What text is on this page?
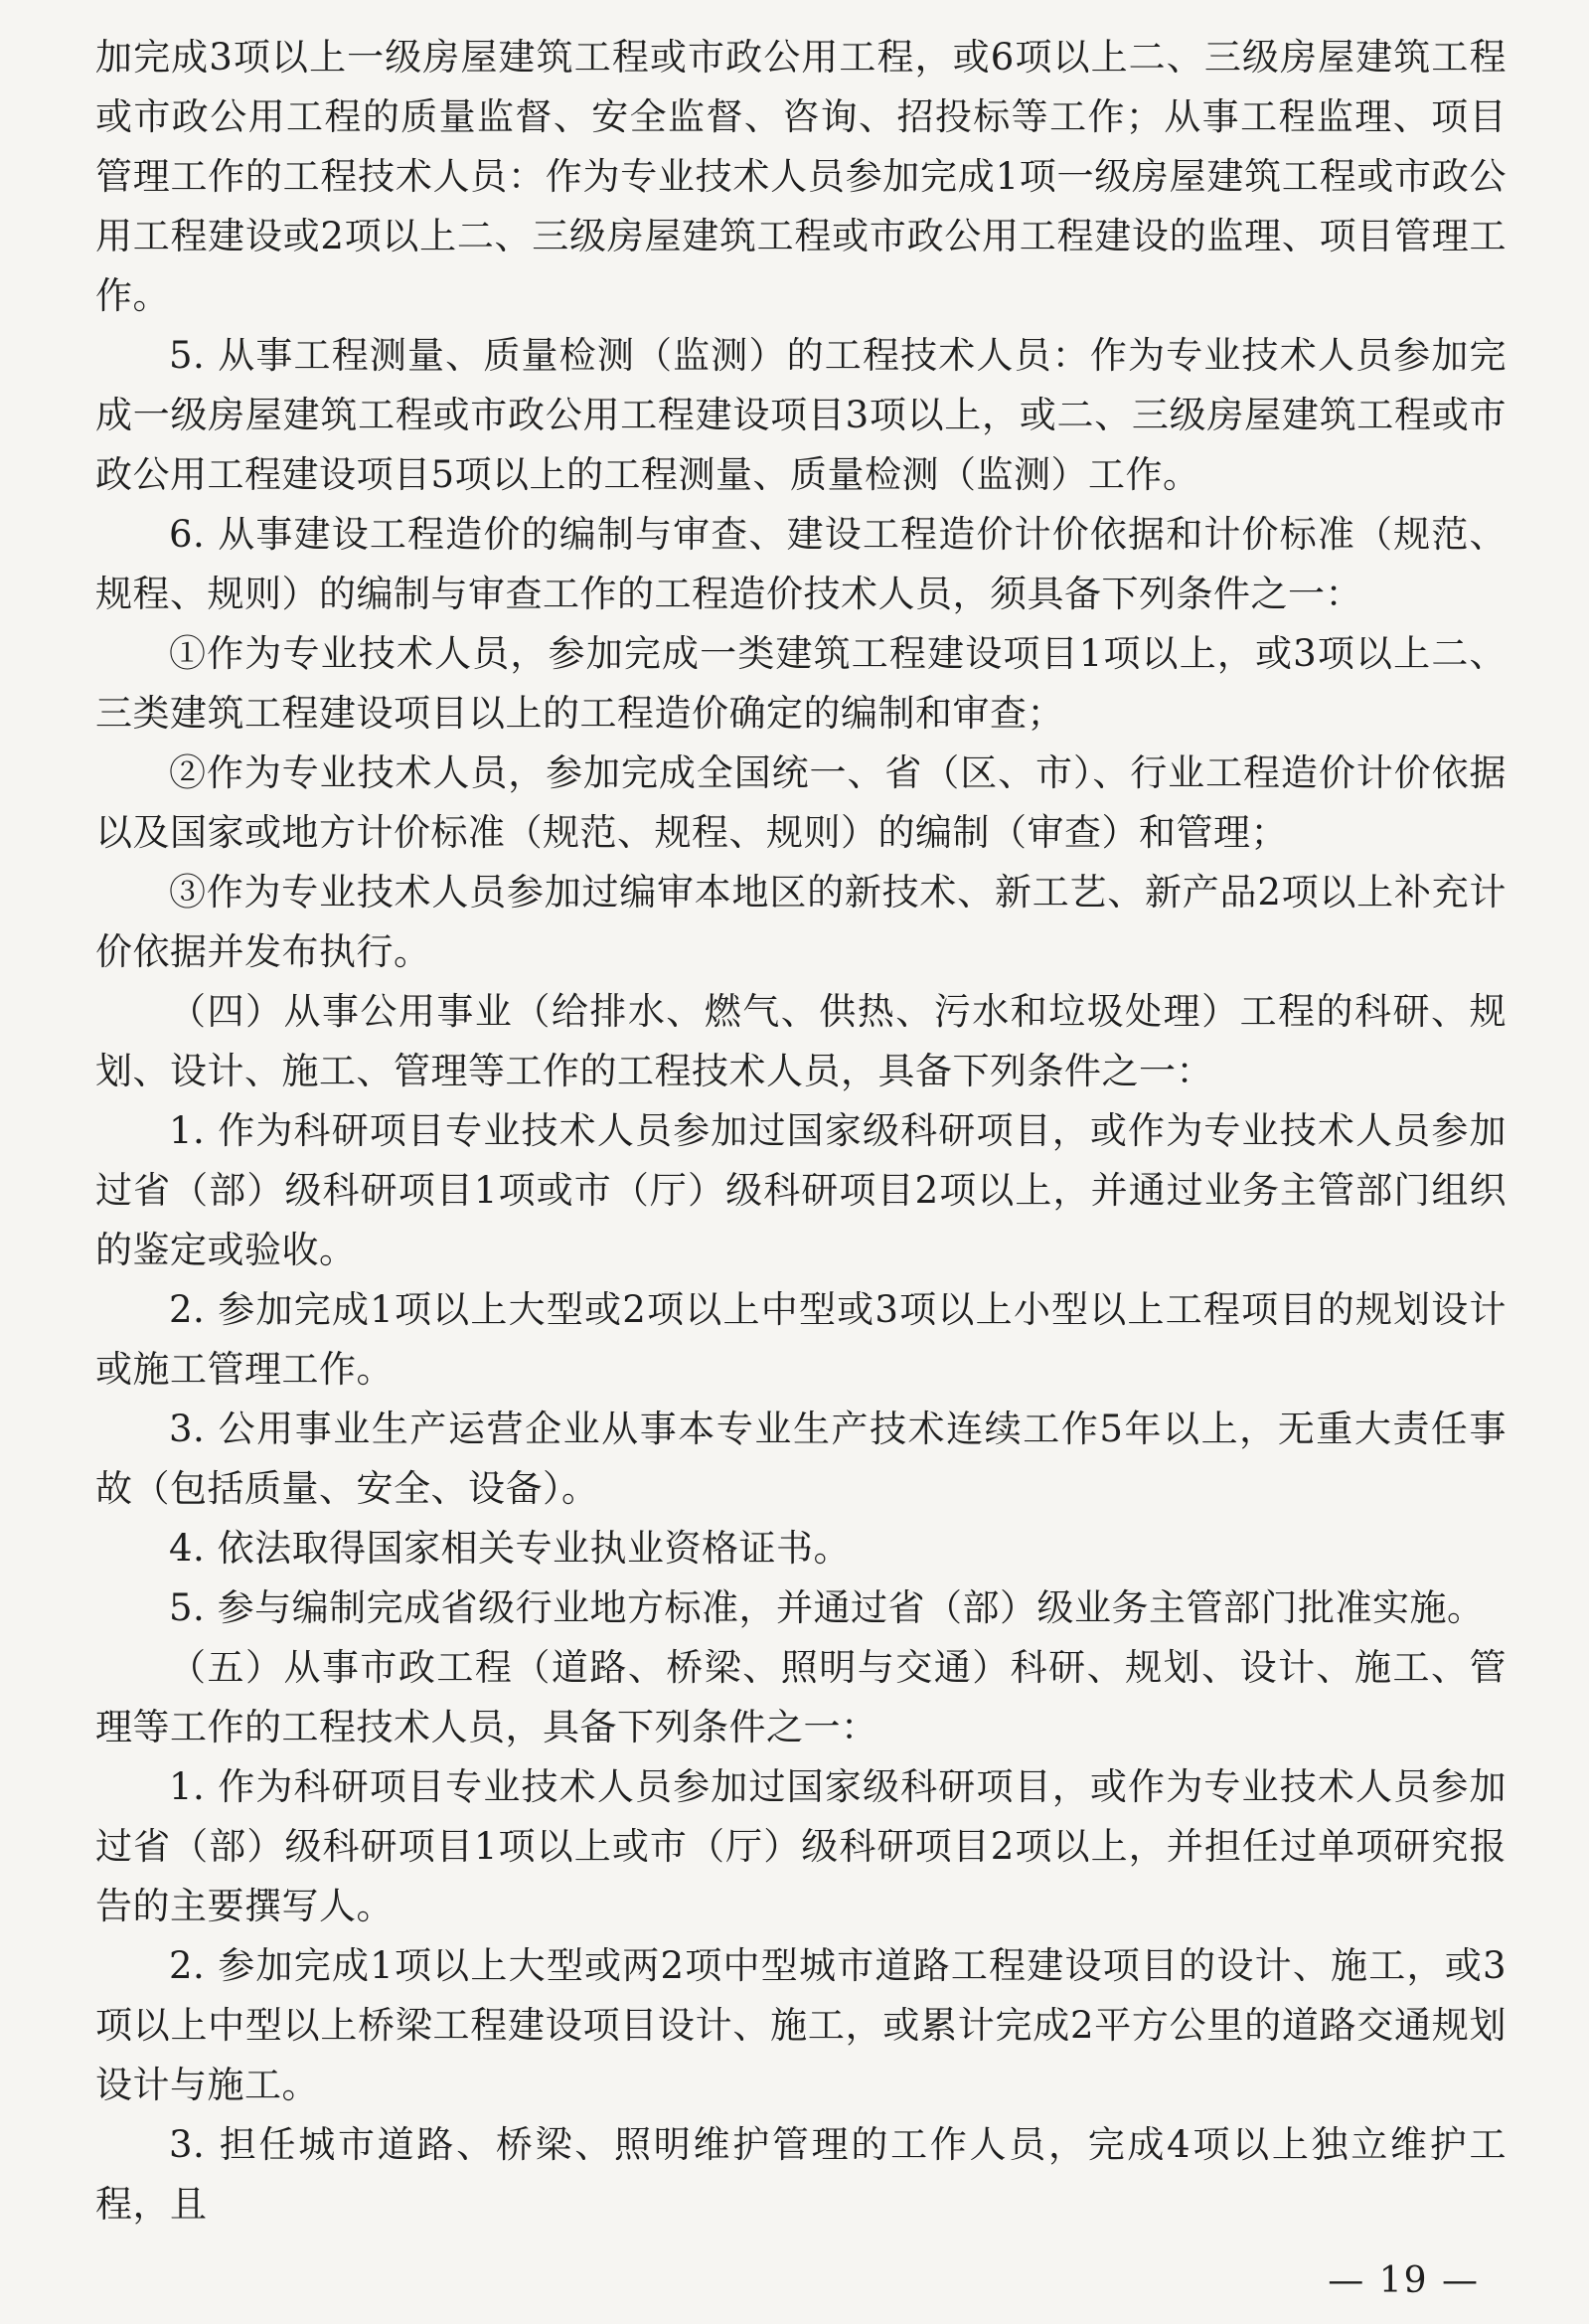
加完成3项以上一级房屋建筑工程或市政公用工程，或6项以上二、三级房屋建筑工程或市政公用工程的质量监督、安全监督、咨询、招投标等工作；从事工程监理、项目管理工作的工程技术人员：作为专业技术人员参加完成1项一级房屋建筑工程或市政公用工程建设或2项以上二、三级房屋建筑工程或市政公用工程建设的监理、项目管理工作。

5. 从事工程测量、质量检测（监测）的工程技术人员：作为专业技术人员参加完成一级房屋建筑工程或市政公用工程建设项目3项以上，或二、三级房屋建筑工程或市政公用工程建设项目5项以上的工程测量、质量检测（监测）工作。

6. 从事建设工程造价的编制与审查、建设工程造价计价依据和计价标准（规范、规程、规则）的编制与审查工作的工程造价技术人员，须具备下列条件之一：

①作为专业技术人员，参加完成一类建筑工程建设项目1项以上，或3项以上二、三类建筑工程建设项目以上的工程造价确定的编制和审查；

②作为专业技术人员，参加完成全国统一、省（区、市）、行业工程造价计价依据以及国家或地方计价标准（规范、规程、规则）的编制（审查）和管理；

③作为专业技术人员参加过编审本地区的新技术、新工艺、新产品2项以上补充计价依据并发布执行。

（四）从事公用事业（给排水、燃气、供热、污水和垃圾处理）工程的科研、规划、设计、施工、管理等工作的工程技术人员，具备下列条件之一：

1. 作为科研项目专业技术人员参加过国家级科研项目，或作为专业技术人员参加过省（部）级科研项目1项或市（厅）级科研项目2项以上，并通过业务主管部门组织的鉴定或验收。

2. 参加完成1项以上大型或2项以上中型或3项以上小型以上工程项目的规划设计或施工管理工作。

3. 公用事业生产运营企业从事本专业生产技术连续工作5年以上，无重大责任事故（包括质量、安全、设备）。

4. 依法取得国家相关专业执业资格证书。

5. 参与编制完成省级行业地方标准，并通过省（部）级业务主管部门批准实施。

（五）从事市政工程（道路、桥梁、照明与交通）科研、规划、设计、施工、管理等工作的工程技术人员，具备下列条件之一：

1. 作为科研项目专业技术人员参加过国家级科研项目，或作为专业技术人员参加过省（部）级科研项目1项以上或市（厅）级科研项目2项以上，并担任过单项研究报告的主要撰写人。

2. 参加完成1项以上大型或两2项中型城市道路工程建设项目的设计、施工，或3项以上中型以上桥梁工程建设项目设计、施工，或累计完成2平方公里的道路交通规划设计与施工。

3. 担任城市道路、桥梁、照明维护管理的工作人员，完成4项以上独立维护工程，且

— 19 —
